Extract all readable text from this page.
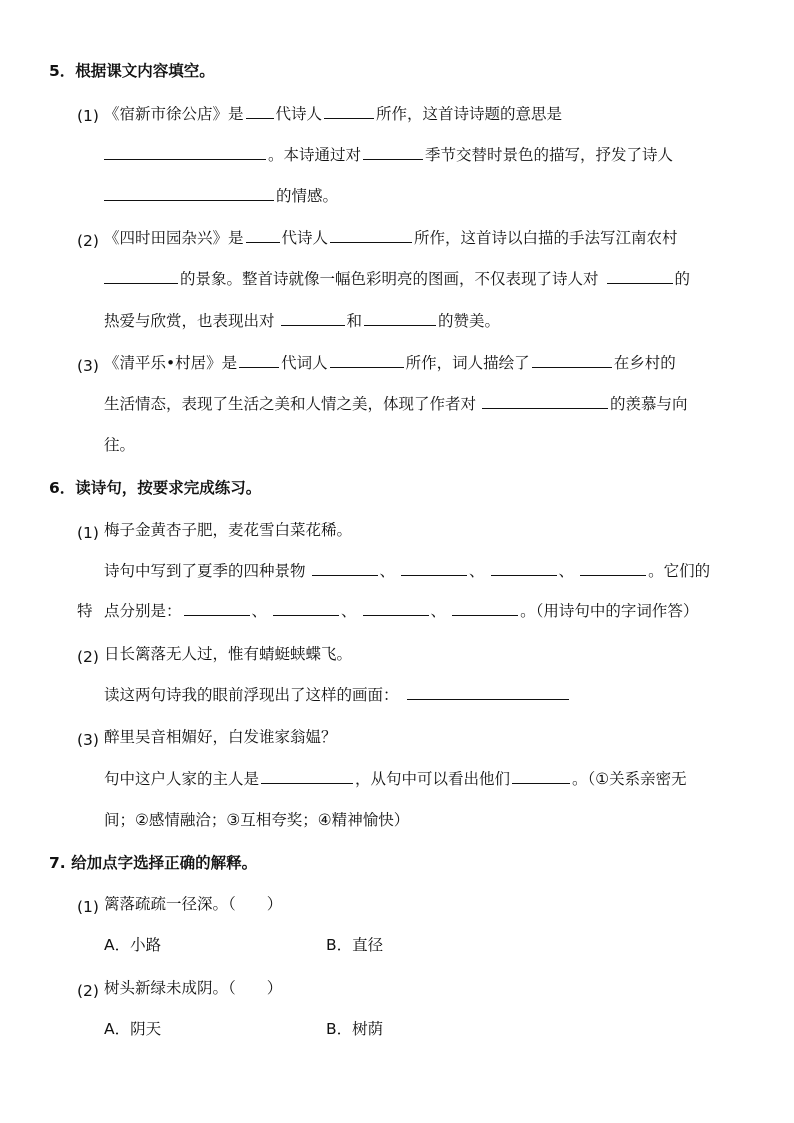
5．根据课文内容填空。
(1) 《宿新市徐公店》是 代诗人	所作，这首诗诗题的意思是
。本诗通过对	季节交替时景色的描写，抒发了诗人
的情感。
(2) 《四时田园杂兴》是 代诗人	所作，这首诗以白描的手法写江南农村
的景象。整首诗就像一幅色彩明亮的图画，不仅表现了诗人对	的
热爱与欣赏，也表现出对	和	的赞美。
(3) 《清平乐•村居》是	代词人	所作，词人描绘了	在乡村的
生活情态，表现了生活之美和人情之美，体现了作者对	的羡慕与向
往。
6．读诗句，按要求完成练习。
(1) 梅子金黄杏子肥，麦花雪白菜花稀。
诗句中写到了夏季的四种景物	、	、	、	。它们的
特 点分别是：	、	、	、	。（用诗句中的字词作答）
(2) 日长篱落无人过，惟有蜻蜓蛱蝶飞。
读这两句诗我的眼前浮现出了这样的画面：
(3) 醉里吴音相媚好，白发谁家翁媪？
句中这户人家的主人是	，从句中可以看出他们	。（①关系亲密无
间；②感情融洽；③互相夸奖；④精神愉快）
7. 给加点字选择正确的解释。
(1) 篱落疏疏一径深。（　　）
A．小路	B．直径
(2) 树头新绿未成阴。（　　）
A．阴天	B．树荫
